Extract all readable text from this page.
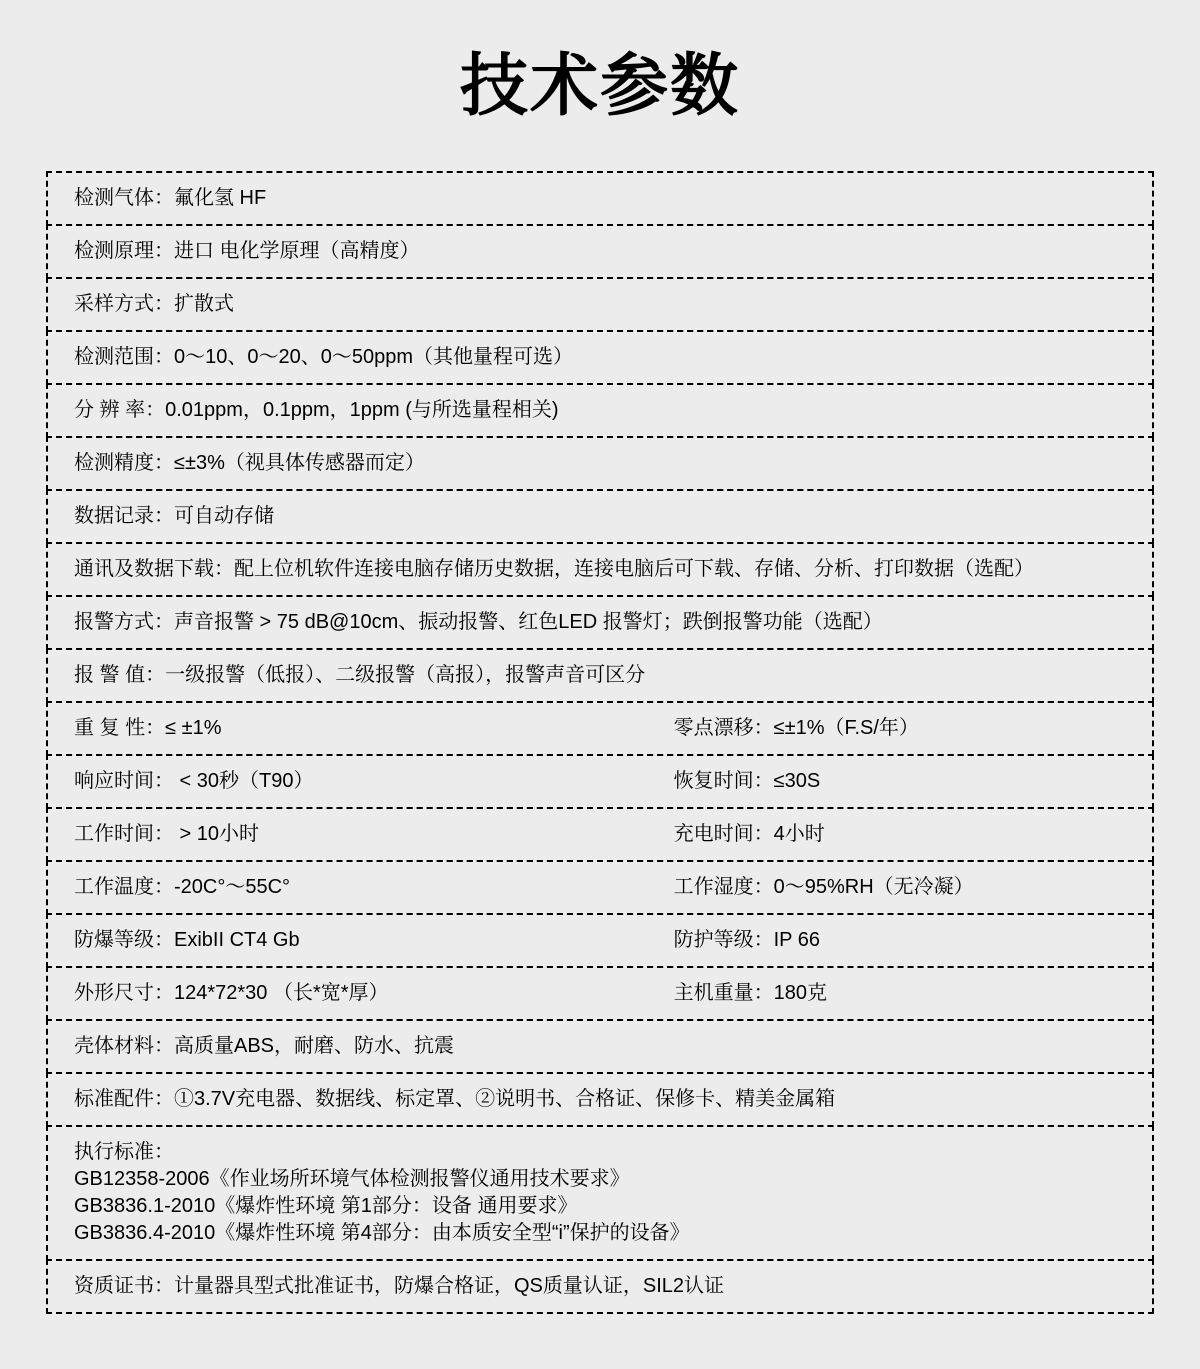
技术参数
检测气体：氟化氢 HF
检测原理：进口 电化学原理（高精度）
采样方式：扩散式
检测范围：0～10、0～20、0～50ppm（其他量程可选）
分 辨 率：0.01ppm，0.1ppm，1ppm (与所选量程相关)
检测精度：≤±3%（视具体传感器而定）
数据记录：可自动存储
通讯及数据下载：配上位机软件连接电脑存储历史数据，连接电脑后可下载、存储、分析、打印数据（选配）
报警方式：声音报警 > 75 dB@10cm、振动报警、红色LED 报警灯；跌倒报警功能（选配）
报 警 值：一级报警（低报）、二级报警（高报），报警声音可区分
重 复 性：≤ ±1%	零点漂移：≤±1%（F.S/年）
响应时间： < 30秒（T90）	恢复时间：≤30S
工作时间： > 10小时	充电时间：4小时
工作温度：-20C°～55C°	工作湿度：0～95%RH（无冷凝）
防爆等级：ExibII CT4 Gb	防护等级：IP 66
外形尺寸：124*72*30 （长*宽*厚）	主机重量：180克
壳体材料：高质量ABS，耐磨、防水、抗震
标准配件：①3.7V充电器、数据线、标定罩、②说明书、合格证、保修卡、精美金属箱
执行标准：
GB12358-2006《作业场所环境气体检测报警仪通用技术要求》
GB3836.1-2010《爆炸性环境 第1部分：设备 通用要求》
GB3836.4-2010《爆炸性环境 第4部分：由本质安全型“i”保护的设备》
资质证书：计量器具型式批准证书，防爆合格证，QS质量认证，SIL2认证
